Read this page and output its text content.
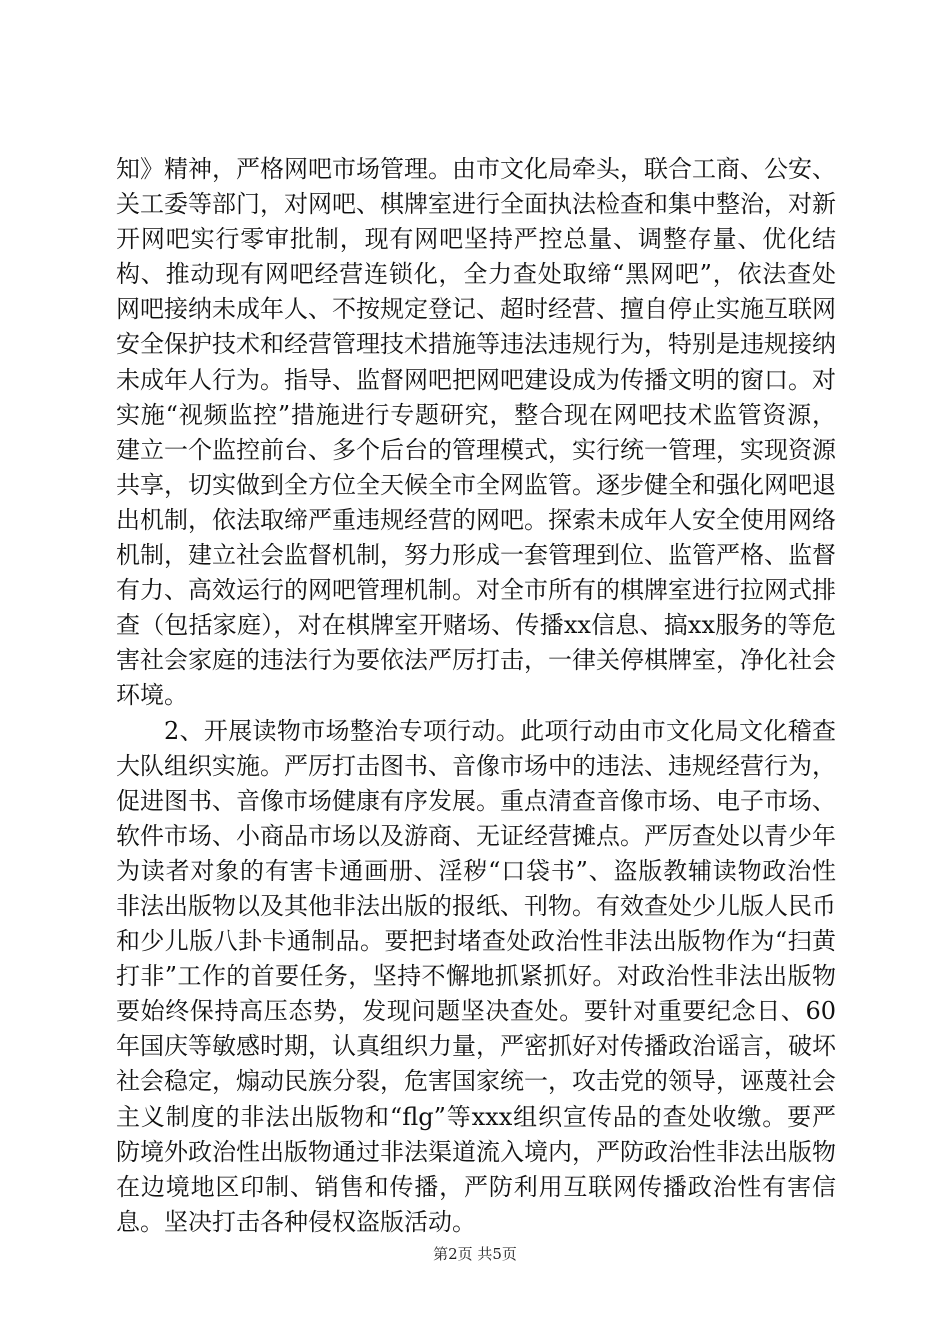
知》精神，严格网吧市场管理。由市文化局牵头，联合工商、公安、关工委等部门，对网吧、棋牌室进行全面执法检查和集中整治，对新开网吧实行零审批制，现有网吧坚持严控总量、调整存量、优化结构、推动现有网吧经营连锁化，全力查处取缔“黑网吧”，依法查处网吧接纳未成年人、不按规定登记、超时经营、擅自停止实施互联网安全保护技术和经营管理技术措施等违法违规行为，特别是违规接纳未成年人行为。指导、监督网吧把网吧建设成为传播文明的窗口。对实施“视频监控”措施进行专题研究，整合现在网吧技术监管资源，建立一个监控前台、多个后台的管理模式，实行统一管理，实现资源共享，切实做到全方位全天候全市全网监管。逐步健全和强化网吧退出机制，依法取缔严重违规经营的网吧。探索未成年人安全使用网络机制，建立社会监督机制，努力形成一套管理到位、监管严格、监督有力、高效运行的网吧管理机制。对全市所有的棋牌室进行拉网式排查（包括家庭），对在棋牌室开赌场、传播xx信息、搞xx服务的等危害社会家庭的违法行为要依法严厉打击，一律关停棋牌室，净化社会环境。

2、开展读物市场整治专项行动。此项行动由市文化局文化稽查大队组织实施。严厉打击图书、音像市场中的违法、违规经营行为，促进图书、音像市场健康有序发展。重点清查音像市场、电子市场、软件市场、小商品市场以及游商、无证经营摊点。严厉查处以青少年为读者对象的有害卡通画册、淫秽“口袋书”、盗版教辅读物政治性非法出版物以及其他非法出版的报纸、刊物。有效查处少儿版人民币和少儿版八卦卡通制品。要把封堵查处政治性非法出版物作为“扫黄打非”工作的首要任务，坚持不懈地抓紧抓好。对政治性非法出版物要始终保持高压态势，发现问题坚决查处。要针对重要纪念日、60年国庆等敏感时期，认真组织力量，严密抓好对传播政治谣言，破坏社会稳定，煽动民族分裂，危害国家统一，攻击党的领导，诬蔑社会主义制度的非法出版物和“flg”等xxx组织宣传品的查处收缴。要严防境外政治性出版物通过非法渠道流入境内，严防政治性非法出版物在边境地区印制、销售和传播，严防利用互联网传播政治性有害信息。坚决打击各种侵权盗版活动。

第2页 共5页
